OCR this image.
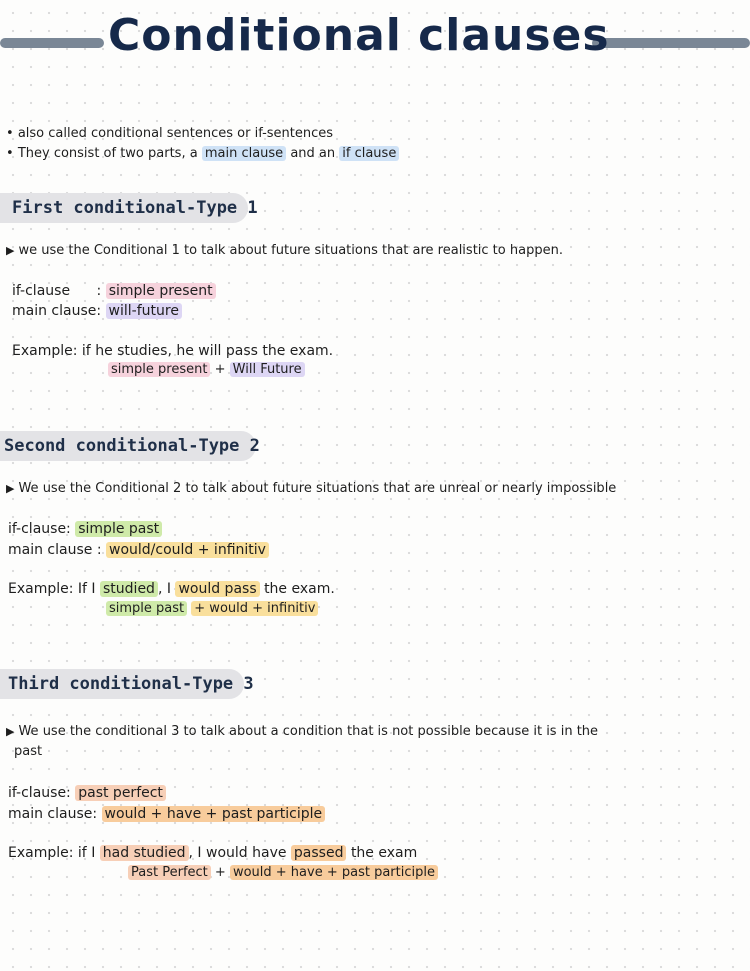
Conditional clauses
• also called conditional sentences or if-sentences
• They consist of two parts, a main clause and an if clause
First conditional-Type 1
▶ we use the Conditional 1 to talk about future situations that are realistic to happen.
if-clause : simple present
main clause: will-future
Example: if he studies, he will pass the exam.
simple present + Will Future
Second conditional-Type 2
▶ We use the Conditional 2 to talk about future situations that are unreal or nearly impossible
if-clause: simple past
main clause : would/could + infinitiv
Example: If I studied , I would pass the exam.
simple past + would + infinitiv
Third conditional-Type 3
▶ We use the conditional 3 to talk about a condition that is not possible because it is in the
past
if-clause: past perfect
main clause: would + have + past participle
Example: if I had studied , I would have passed the exam
Past Perfect + would + have + past participle
